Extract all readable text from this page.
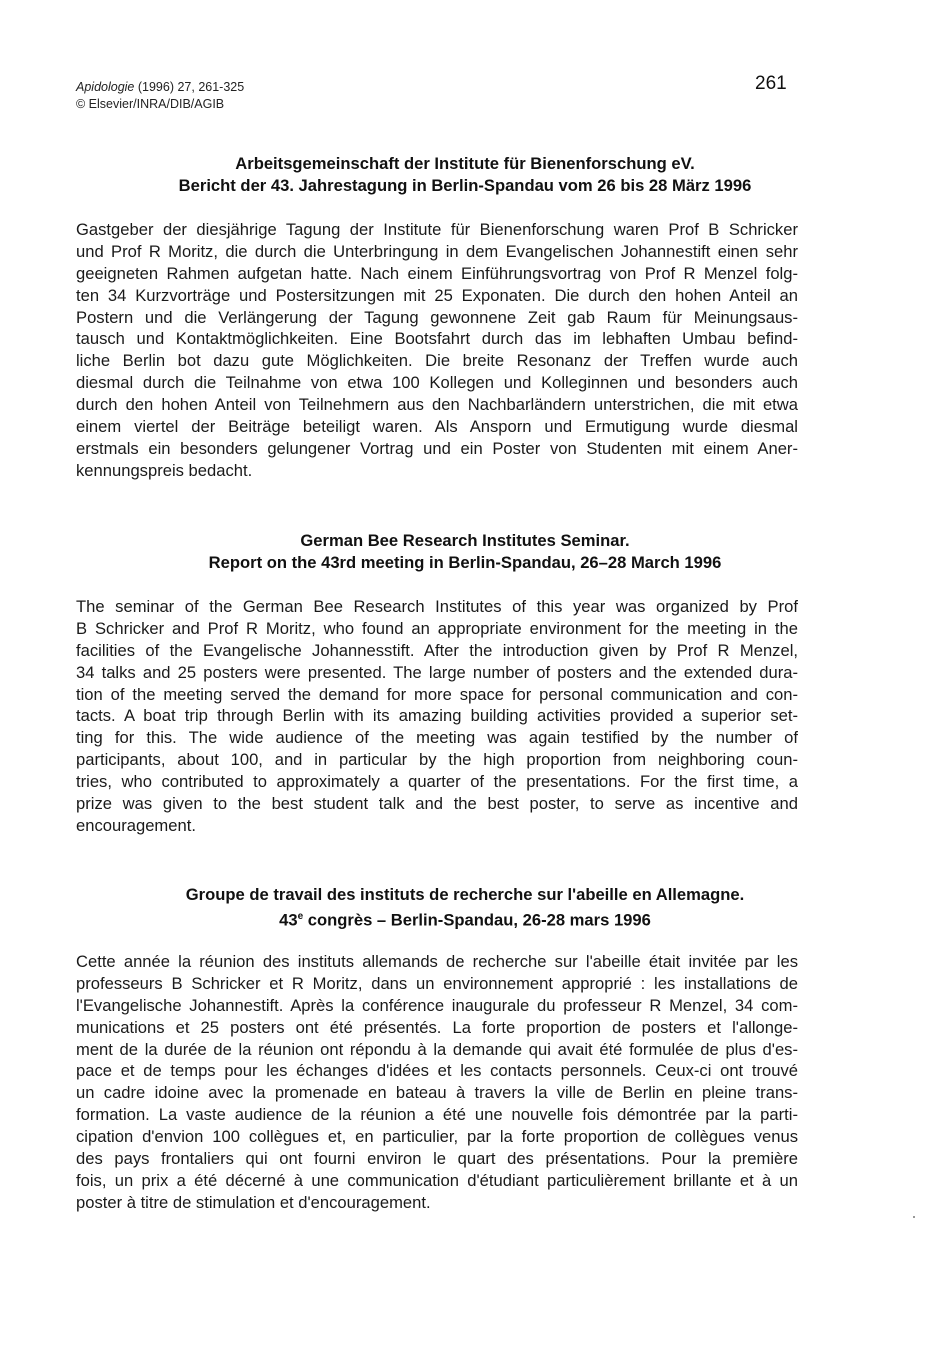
Apidologie (1996) 27, 261-325
© Elsevier/INRA/DIB/AGIB
261
Arbeitsgemeinschaft der Institute für Bienenforschung eV.
Bericht der 43. Jahrestagung in Berlin-Spandau vom 26 bis 28 März 1996
Gastgeber der diesjährige Tagung der Institute für Bienenforschung waren Prof B Schricker
und Prof R Moritz, die durch die Unterbringung in dem Evangelischen Johannestift einen sehr
geeigneten Rahmen aufgetan hatte. Nach einem Einführungsvortrag von Prof R Menzel folg-
ten 34 Kurzvorträge und Postersitzungen mit 25 Exponaten. Die durch den hohen Anteil an
Postern und die Verlängerung der Tagung gewonnene Zeit gab Raum für Meinungsaus-
tausch und Kontaktmöglichkeiten. Eine Bootsfahrt durch das im lebhaften Umbau befind-
liche Berlin bot dazu gute Möglichkeiten. Die breite Resonanz der Treffen wurde auch
diesmal durch die Teilnahme von etwa 100 Kollegen und Kolleginnen und besonders auch
durch den hohen Anteil von Teilnehmern aus den Nachbarländern unterstrichen, die mit etwa
einem viertel der Beiträge beteiligt waren. Als Ansporn und Ermutigung wurde diesmal
erstmals ein besonders gelungener Vortrag und ein Poster von Studenten mit einem Aner-
kennungspreis bedacht.
German Bee Research Institutes Seminar.
Report on the 43rd meeting in Berlin-Spandau, 26–28 March 1996
The seminar of the German Bee Research Institutes of this year was organized by Prof
B Schricker and Prof R Moritz, who found an appropriate environment for the meeting in the
facilities of the Evangelische Johannesstift. After the introduction given by Prof R Menzel,
34 talks and 25 posters were presented. The large number of posters and the extended dura-
tion of the meeting served the demand for more space for personal communication and con-
tacts. A boat trip through Berlin with its amazing building activities provided a superior set-
ting for this. The wide audience of the meeting was again testified by the number of
participants, about 100, and in particular by the high proportion from neighboring coun-
tries, who contributed to approximately a quarter of the presentations. For the first time, a
prize was given to the best student talk and the best poster, to serve as incentive and
encouragement.
Groupe de travail des instituts de recherche sur l'abeille en Allemagne.
43e congrès – Berlin-Spandau, 26-28 mars 1996
Cette année la réunion des instituts allemands de recherche sur l'abeille était invitée par les
professeurs B Schricker et R Moritz, dans un environnement approprié : les installations de
l'Evangelische Johannestift. Après la conférence inaugurale du professeur R Menzel, 34 com-
munications et 25 posters ont été présentés. La forte proportion de posters et l'allonge-
ment de la durée de la réunion ont répondu à la demande qui avait été formulée de plus d'es-
pace et de temps pour les échanges d'idées et les contacts personnels. Ceux-ci ont trouvé
un cadre idoine avec la promenade en bateau à travers la ville de Berlin en pleine trans-
formation. La vaste audience de la réunion a été une nouvelle fois démontrée par la parti-
cipation d'envion 100 collègues et, en particulier, par la forte proportion de collègues venus
des pays frontaliers qui ont fourni environ le quart des présentations. Pour la première
fois, un prix a été décerné à une communication d'étudiant particulièrement brillante et à un
poster à titre de stimulation et d'encouragement.
